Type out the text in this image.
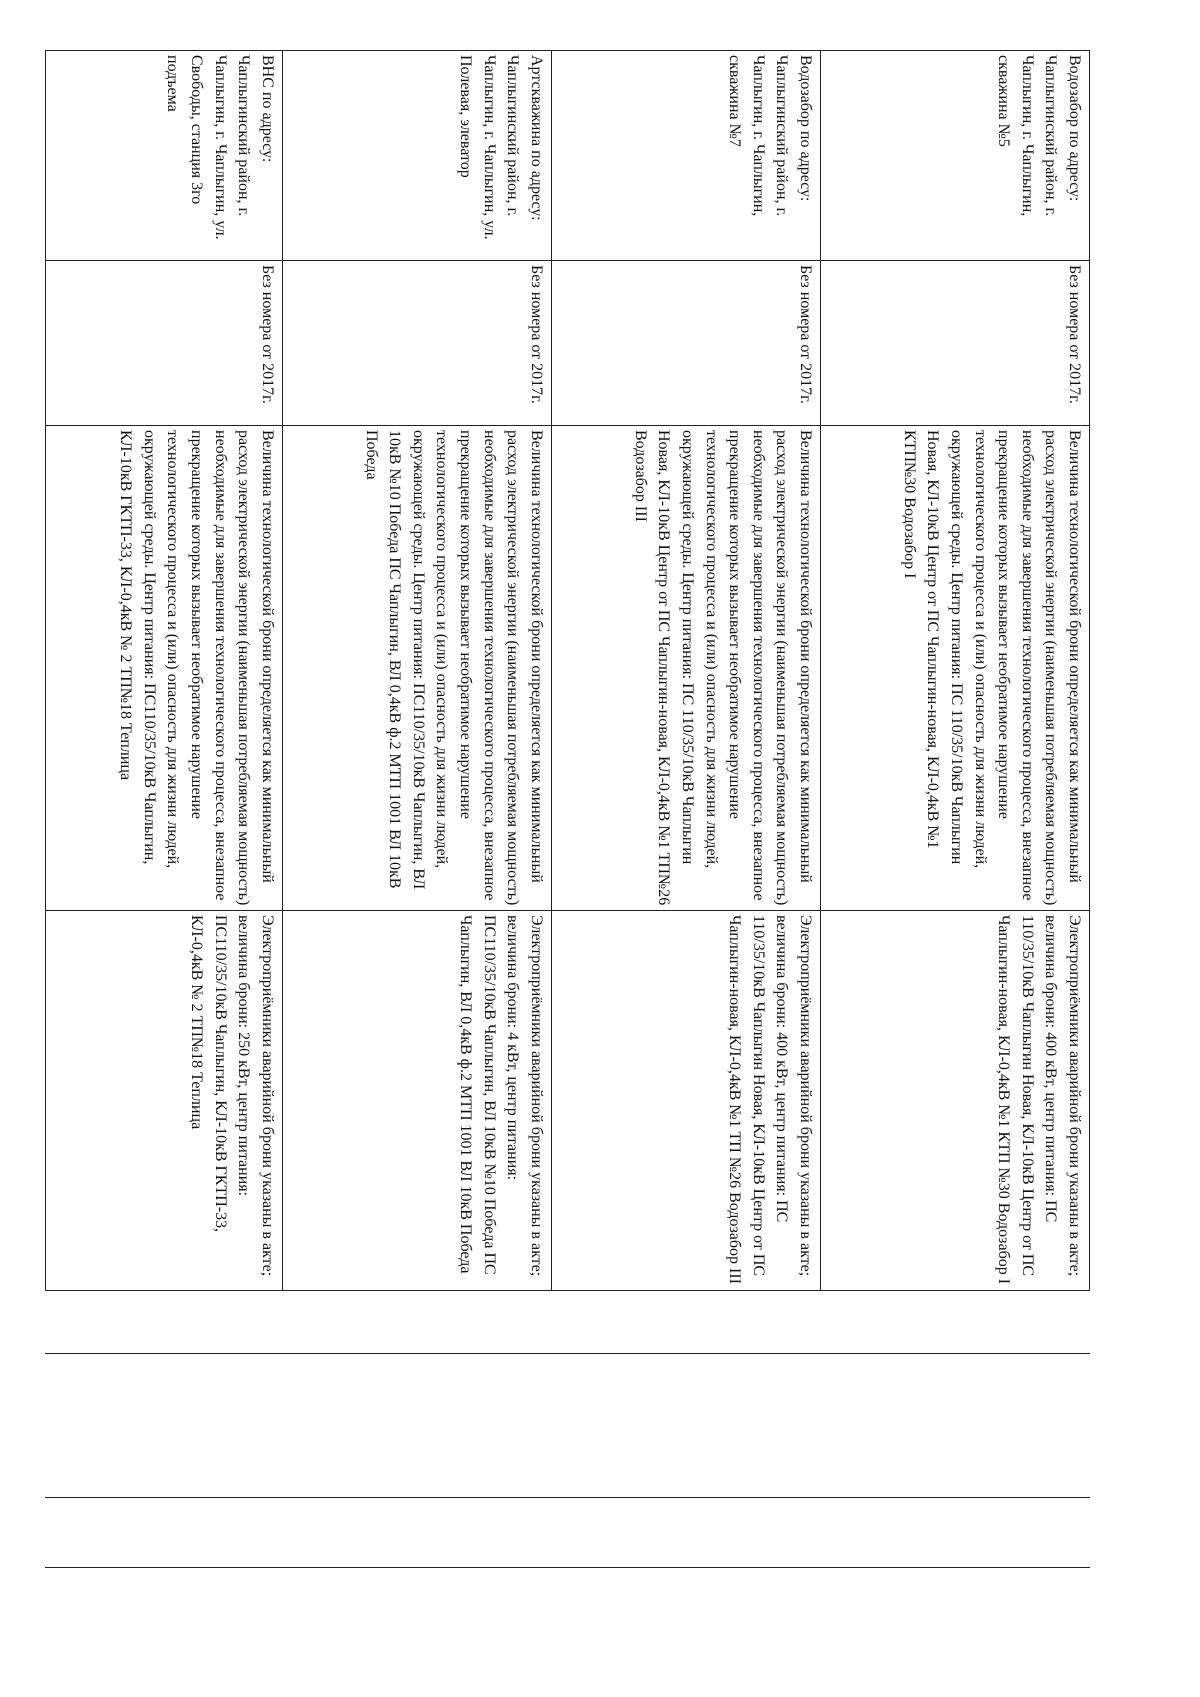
Водозабор по адресу: Чаплыгинский район, г. Чаплыгин, г. Чаплыгин, скважина №5	Без номера от 2017г.	Величина технологической брони определяется как минимальный расход электрической энергии (наименьшая потребляемая мощность) необходимые для завершения технологического процесса, внезапное прекращение которых вызывает необратимое нарушение технологического процесса и (или) опасность для жизни людей, окружающей среды. Центр питания: ПС 110/35/10кВ Чаплыгин Новая, КЛ-10кВ Центр от ПС Чаплыгин-новая, КЛ-0,4кВ №1 КТП№30 Водозабор I	Электроприёмники аварийной брони указаны в акте; величина брони: 400 кВт, центр питания: ПС 110/35/10кВ Чаплыгин Новая, КЛ-10кВ Центр от ПС Чаплыгин-новая, КЛ-0,4кВ №1 КТП №30 Водозабор I

Водозабор по адресу: Чаплыгинский район, г. Чаплыгин, г. Чаплыгин, скважина №7	Без номера от 2017г.	Величина технологической брони определяется как минимальный расход электрической энергии (наименьшая потребляемая мощность) необходимые для завершения технологического процесса, внезапное прекращение которых вызывает необратимое нарушение технологического процесса и (или) опасность для жизни людей, окружающей среды. Центр питания: ПС 110/35/10кВ Чаплыгин Новая, КЛ-10кВ Центр от ПС Чаплыгин-новая, КЛ-0,4кВ №1 ТП№26 Водозабор III	Электроприёмники аварийной брони указаны в акте; величина брони: 400 кВт, центр питания: ПС 110/35/10кВ Чаплыгин Новая, КЛ-10кВ Центр от ПС Чаплыгин-новая, КЛ-0,4кВ №1 ТП №26 Водозабор III

Артскважина по адресу: Чаплыгинский район, г. Чаплыгин, г. Чаплыгин, ул. Полевая, элеватор	Без номера от 2017г.	Величина технологической брони определяется как минимальный расход электрической энергии (наименьшая потребляемая мощность) необходимые для завершения технологического процесса, внезапное прекращение которых вызывает необратимое нарушение технологического процесса и (или) опасность для жизни людей, окружающей среды. Центр питания: ПС110/35/10кВ Чаплыгин, ВЛ 10кВ №10 Победа ПС Чаплыгин, ВЛ 0,4кВ ф.2 МТП 1001 ВЛ 10кВ Победа	Электроприёмники аварийной брони указаны в акте; величина брони: 4 кВт, центр питания: ПС110/35/10кВ Чаплыгин, ВЛ 10кВ №10 Победа ПС Чаплыгин, ВЛ 0,4кВ ф.2 МТП 1001 ВЛ 10кВ Победа

ВНС по адресу: Чаплыгинский район, г. Чаплыгин, г. Чаплыгин, ул. Свободы, станция 3го подъема	Без номера от 2017г.	Величина технологической брони определяется как минимальный расход электрической энергии (наименьшая потребляемая мощность) необходимые для завершения технологического процесса, внезапное прекращение которых вызывает необратимое нарушение технологического процесса и (или) опасность для жизни людей, окружающей среды. Центр питания: ПС110/35/10кВ Чаплыгин, КЛ-10кВ ГКТП-33, КЛ-0,4кВ № 2 ТП№18 Теплица	Электроприёмники аварийной брони указаны в акте; величина брони: 250 кВт, центр питания: ПС110/35/10кВ Чаплыгин, КЛ-10кВ ГКТП-33, КЛ-0,4кВ № 2 ТП№18 Теплица
